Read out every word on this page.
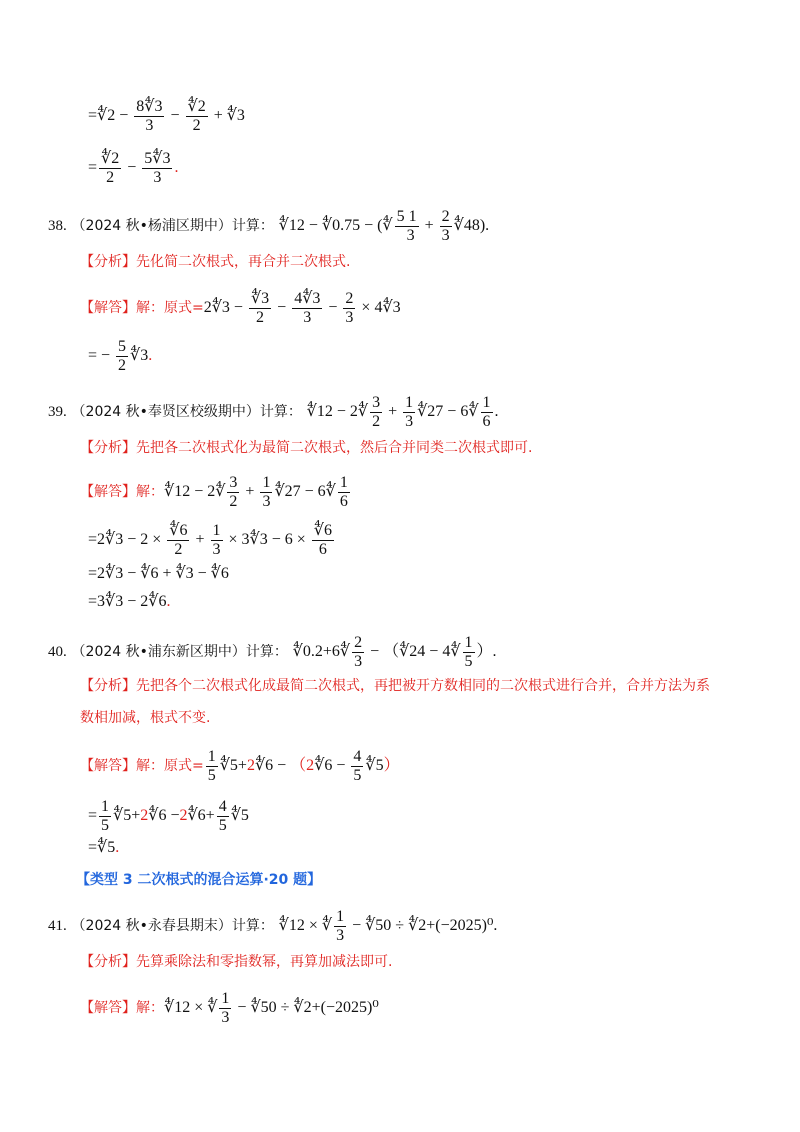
=∜2 − $\frac{8∜3}{3} - \frac{∜2}{2}$ + ∜3
= $\frac{∜2}{2} - \frac{5∜3}{3}$ .
38. （2024 秋•杨浦区期中）计算： ∜12 − ∜0.75 − (∜ $\frac{5 1}{3} + \frac{2}{3}$ ∜48).
【分析】先化简二次根式，再合并二次根式.
【解答】解：原式=2∜3 − $\frac{∜3}{2} - \frac{4∜3}{3} - \frac{2}{3}$ × 4∜3
= − $\frac{5}{2}$ ∜3.
39. （2024 秋•奉贤区校级期中）计算： ∜12 − 2∜ $\frac{3}{2} + \frac{1}{3}$ ∜27 − 6∜ $\frac{1}{6}$ .
【分析】先把各二次根式化为最简二次根式，然后合并同类二次根式即可.
【解答】解：∜12 − 2∜ $\frac{3}{2} + \frac{1}{3}$ ∜27 − 6∜ $\frac{1}{6}$
=2∜3 − $2 \times \frac{∜6}{2} + \frac{1}{3}$ × 3∜3 − $6 \times \frac{∜6}{6}$
=2∜3 − ∜6 + ∜3 − ∜6
=3∜3 − 2∜6.
40. （2024 秋•浦东新区期中）计算： ∜0.2+6∜ $\frac{2}{3}$ − （∜24 − 4∜ $\frac{1}{5}$ ）.
【分析】先把各个二次根式化成最简二次根式，再把被开方数相同的二次根式进行合并，合并方法为系
数相加减，根式不变.
【解答】解：原式= $\frac{1}{5}$ ∜5+2∜6 − （2∜6 − $\frac{4}{5}$ ∜5）
= $\frac{1}{5}$ ∜5+2∜6 −2∜6+ $\frac{4}{5}$ ∜5
=∜5.
【类型 3 二次根式的混合运算·20 题】
41. （2024 秋•永春县期末）计算： ∜12 × ∜ $\frac{1}{3}$ − ∜50 ÷ ∜2+(−2025)⁰.
【分析】先算乘除法和零指数幂，再算加减法即可.
【解答】解：∜12 × ∜ $\frac{1}{3}$ − ∜50 ÷ ∜2+(−2025)⁰
